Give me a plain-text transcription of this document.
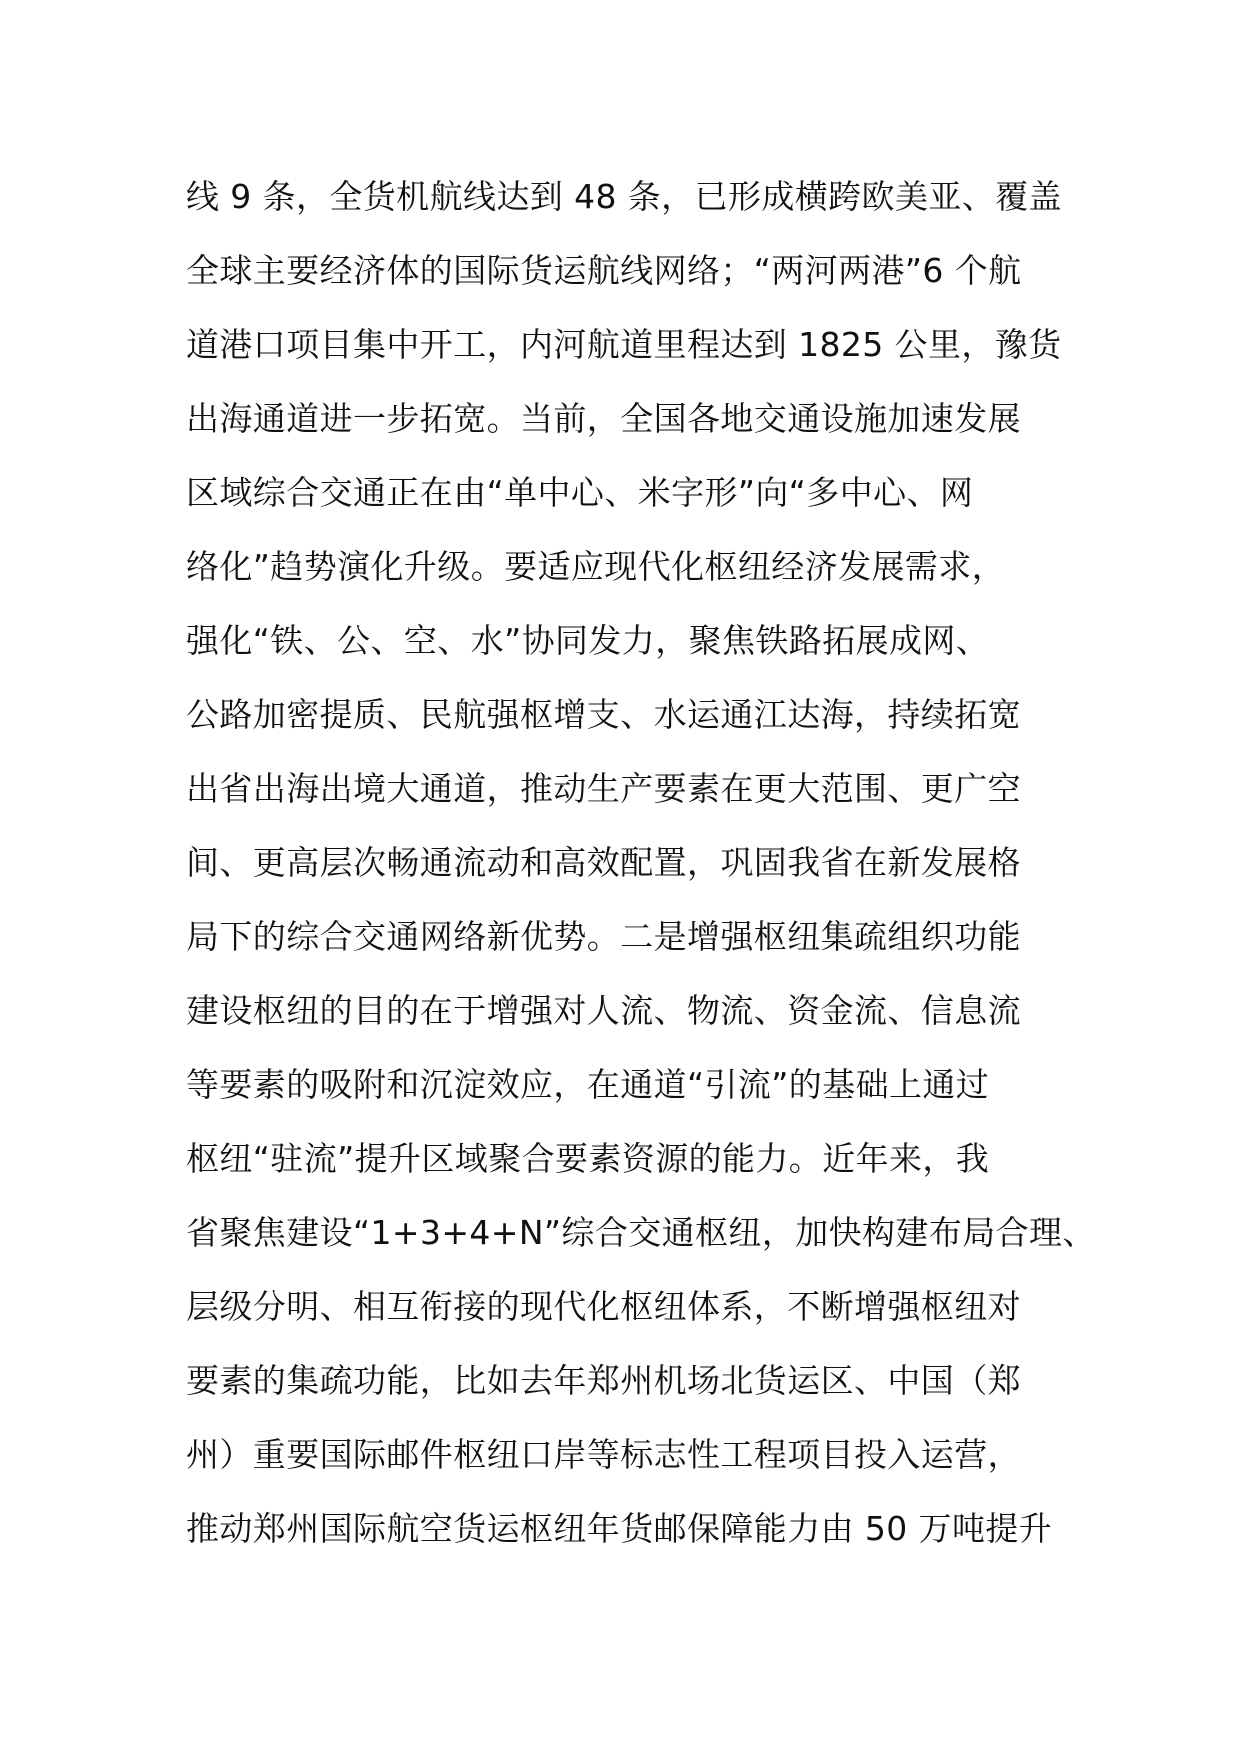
线 9 条，全货机航线达到 48 条，已形成横跨欧美亚、覆盖
全球主要经济体的国际货运航线网络；“两河两港”6 个航
道港口项目集中开工，内河航道里程达到 1825 公里，豫货
出海通道进一步拓宽。当前，全国各地交通设施加速发展
区域综合交通正在由“单中心、米字形”向“多中心、网
络化”趋势演化升级。要适应现代化枢纽经济发展需求，
强化“铁、公、空、水”协同发力，聚焦铁路拓展成网、
公路加密提质、民航强枢增支、水运通江达海，持续拓宽
出省出海出境大通道，推动生产要素在更大范围、更广空
间、更高层次畅通流动和高效配置，巩固我省在新发展格
局下的综合交通网络新优势。二是增强枢纽集疏组织功能
建设枢纽的目的在于增强对人流、物流、资金流、信息流
等要素的吸附和沉淀效应，在通道“引流”的基础上通过
枢纽“驻流”提升区域聚合要素资源的能力。近年来，我
省聚焦建设“1+3+4+N”综合交通枢纽，加快构建布局合理、
层级分明、相互衔接的现代化枢纽体系，不断增强枢纽对
要素的集疏功能，比如去年郑州机场北货运区、中国（郑
州）重要国际邮件枢纽口岸等标志性工程项目投入运营，
推动郑州国际航空货运枢纽年货邮保障能力由 50 万吨提升
